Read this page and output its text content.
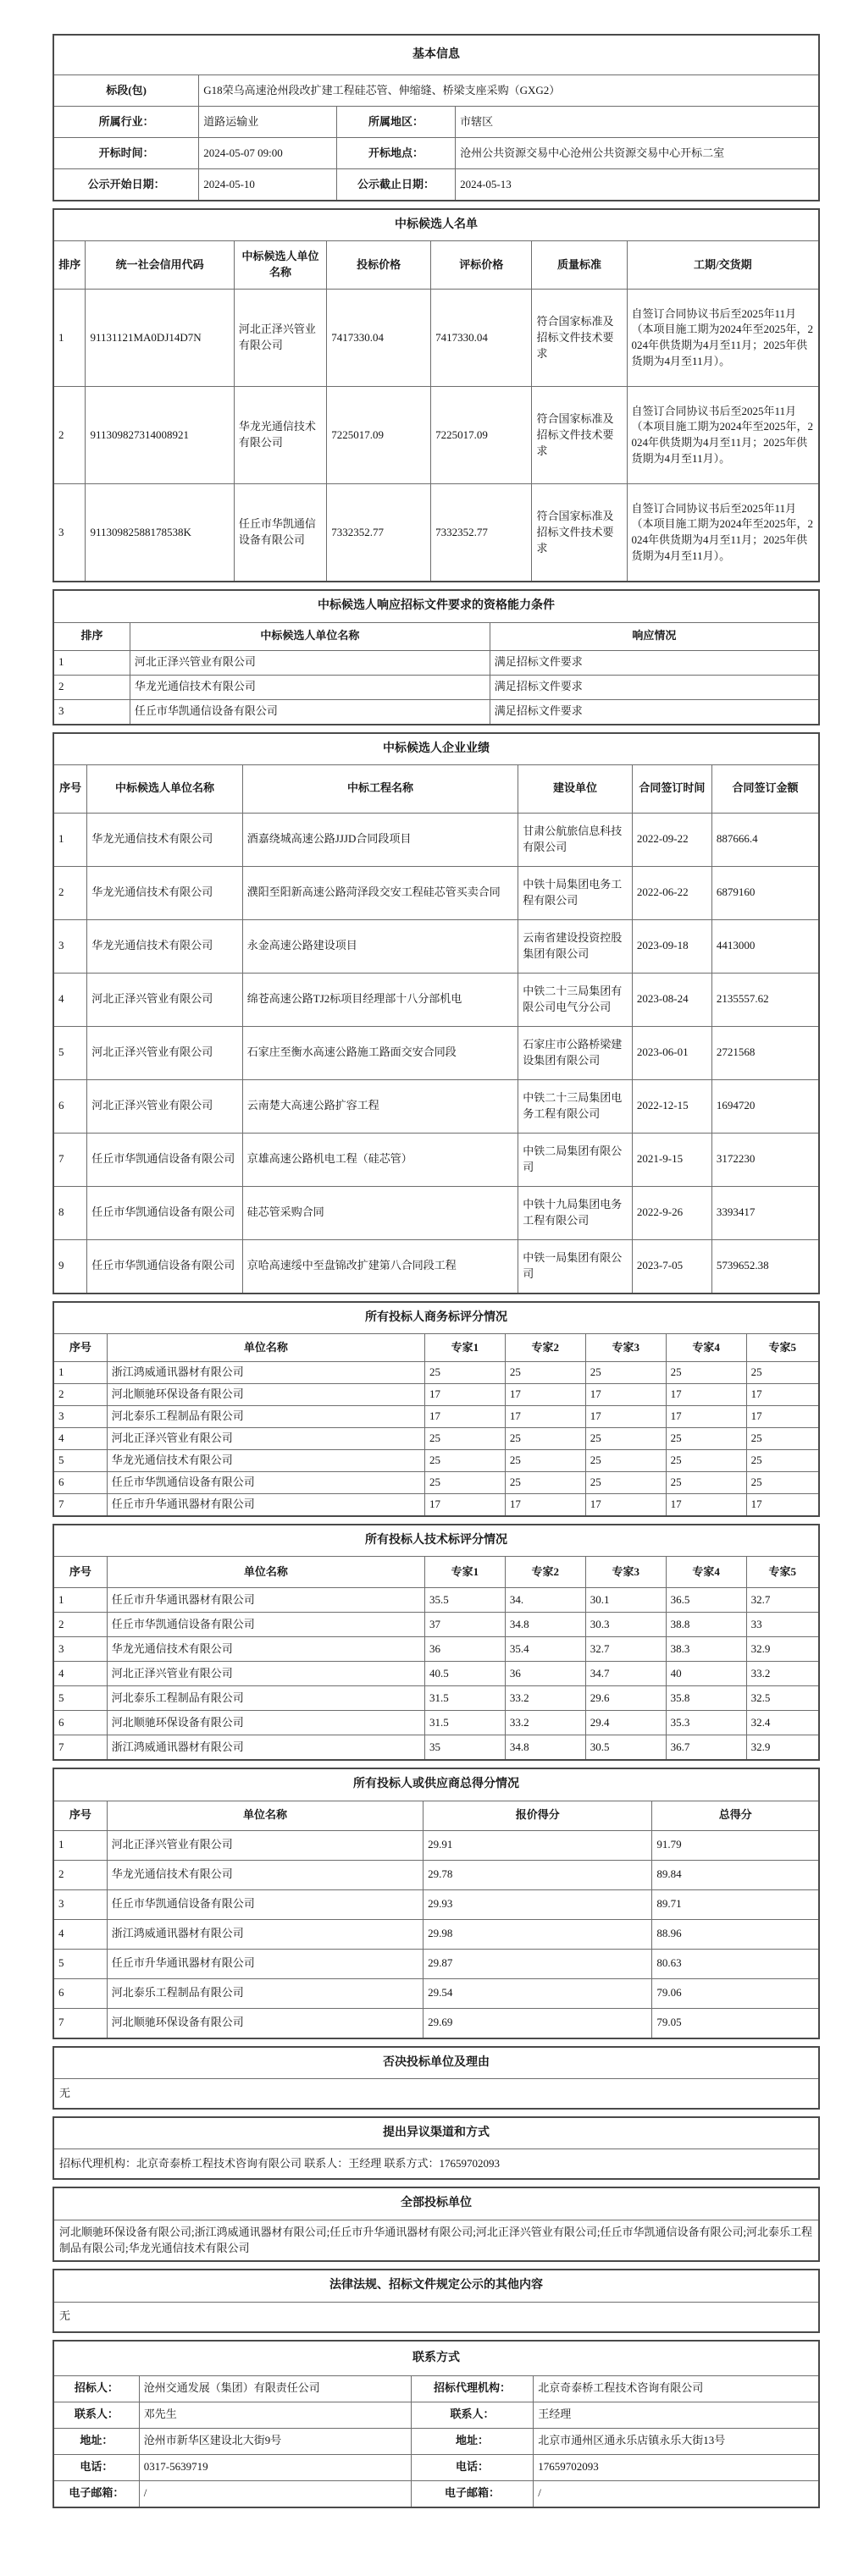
基本信息			
标段(包)	G18荣乌高速沧州段改扩建工程硅芯管、伸缩缝、桥梁支座采购（GXG2）		
所属行业：	道路运输业	所属地区：	市辖区
开标时间：	2024-05-07 09:00	开标地点：	沧州公共资源交易中心沧州公共资源交易中心开标二室
公示开始日期：	2024-05-10	公示截止日期：	2024-05-13
中标候选人名单						
排序	统一社会信用代码	中标候选人单位名称	投标价格	评标价格	质量标准	工期/交货期
1	91131121MA0DJ14D7N	河北正泽兴管业有限公司	7417330.04	7417330.04	符合国家标准及招标文件技术要求	自签订合同协议书后至2025年11月（本项目施工期为2024年至2025年，2024年供货期为4月至11月；2025年供货期为4月至11月）。
2	911309827314008921	华龙光通信技术有限公司	7225017.09	7225017.09	符合国家标准及招标文件技术要求	自签订合同协议书后至2025年11月（本项目施工期为2024年至2025年，2024年供货期为4月至11月；2025年供货期为4月至11月）。
3	91130982588178538K	任丘市华凯通信设备有限公司	7332352.77	7332352.77	符合国家标准及招标文件技术要求	自签订合同协议书后至2025年11月（本项目施工期为2024年至2025年，2024年供货期为4月至11月；2025年供货期为4月至11月）。
中标候选人响应招标文件要求的资格能力条件		
排序	中标候选人单位名称	响应情况
1	河北正泽兴管业有限公司	满足招标文件要求
2	华龙光通信技术有限公司	满足招标文件要求
3	任丘市华凯通信设备有限公司	满足招标文件要求
中标候选人企业业绩					
序号	中标候选人单位名称	中标工程名称	建设单位	合同签订时间	合同签订金额
1	华龙光通信技术有限公司	酒嘉绕城高速公路JJJD合同段项目	甘肃公航旅信息科技有限公司	2022-09-22	887666.4
2	华龙光通信技术有限公司	濮阳至阳新高速公路菏泽段交安工程硅芯管买卖合同	中铁十局集团电务工程有限公司	2022-06-22	6879160
3	华龙光通信技术有限公司	永金高速公路建设项目	云南省建设投资控股集团有限公司	2023-09-18	4413000
4	河北正泽兴管业有限公司	绵苍高速公路TJ2标项目经理部十八分部机电	中铁二十三局集团有限公司电气分公司	2023-08-24	2135557.62
5	河北正泽兴管业有限公司	石家庄至衡水高速公路施工路面交安合同段	石家庄市公路桥梁建设集团有限公司	2023-06-01	2721568
6	河北正泽兴管业有限公司	云南楚大高速公路扩容工程	中铁二十三局集团电务工程有限公司	2022-12-15	1694720
7	任丘市华凯通信设备有限公司	京雄高速公路机电工程（硅芯管）	中铁二局集团有限公司	2021-9-15	3172230
8	任丘市华凯通信设备有限公司	硅芯管采购合同	中铁十九局集团电务工程有限公司	2022-9-26	3393417
9	任丘市华凯通信设备有限公司	京哈高速绥中至盘锦改扩建第八合同段工程	中铁一局集团有限公司	2023-7-05	5739652.38
所有投标人商务标评分情况						
序号	单位名称	专家1	专家2	专家3	专家4	专家5
1	浙江鸿威通讯器材有限公司	25	25	25	25	25
2	河北顺驰环保设备有限公司	17	17	17	17	17
3	河北泰乐工程制品有限公司	17	17	17	17	17
4	河北正泽兴管业有限公司	25	25	25	25	25
5	华龙光通信技术有限公司	25	25	25	25	25
6	任丘市华凯通信设备有限公司	25	25	25	25	25
7	任丘市升华通讯器材有限公司	17	17	17	17	17
所有投标人技术标评分情况						
序号	单位名称	专家1	专家2	专家3	专家4	专家5
1	任丘市升华通讯器材有限公司	35.5	34.	30.1	36.5	32.7
2	任丘市华凯通信设备有限公司	37	34.8	30.3	38.8	33
3	华龙光通信技术有限公司	36	35.4	32.7	38.3	32.9
4	河北正泽兴管业有限公司	40.5	36	34.7	40	33.2
5	河北泰乐工程制品有限公司	31.5	33.2	29.6	35.8	32.5
6	河北顺驰环保设备有限公司	31.5	33.2	29.4	35.3	32.4
7	浙江鸿威通讯器材有限公司	35	34.8	30.5	36.7	32.9
所有投标人或供应商总得分情况			
序号	单位名称	报价得分	总得分
1	河北正泽兴管业有限公司	29.91	91.79
2	华龙光通信技术有限公司	29.78	89.84
3	任丘市华凯通信设备有限公司	29.93	89.71
4	浙江鸿威通讯器材有限公司	29.98	88.96
5	任丘市升华通讯器材有限公司	29.87	80.63
6	河北泰乐工程制品有限公司	29.54	79.06
7	河北顺驰环保设备有限公司	29.69	79.05
否决投标单位及理由
无
提出异议渠道和方式
招标代理机构：北京奇泰桥工程技术咨询有限公司 联系人：王经理 联系方式：17659702093
全部投标单位
河北顺驰环保设备有限公司;浙江鸿威通讯器材有限公司;任丘市升华通讯器材有限公司;河北正泽兴管业有限公司;任丘市华凯通信设备有限公司;河北泰乐工程制品有限公司;华龙光通信技术有限公司
法律法规、招标文件规定公示的其他内容
无
联系方式			
招标人：	沧州交通发展（集团）有限责任公司	招标代理机构：	北京奇泰桥工程技术咨询有限公司
联系人：	邓先生	联系人：	王经理
地址：	沧州市新华区建设北大街9号	地址：	北京市通州区通永乐店镇永乐大街13号
电话：	0317-5639719	电话：	17659702093
电子邮箱：	/	电子邮箱：	/
